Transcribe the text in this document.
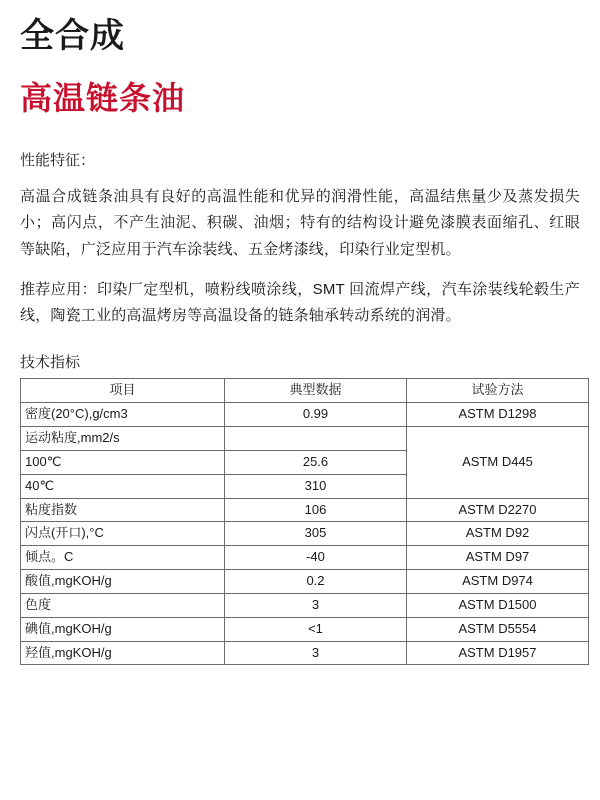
全合成
高温链条油
性能特征：
高温合成链条油具有良好的高温性能和优异的润滑性能，高温结焦量少及蒸发损失小；高闪点，不产生油泥、积碳、油烟；特有的结构设计避免漆膜表面缩孔、红眼等缺陷，广泛应用于汽车涂装线、五金烤漆线，印染行业定型机。
推荐应用：印染厂定型机，喷粉线喷涂线，SMT 回流焊产线，汽车涂装线轮毂生产线，陶瓷工业的高温烤房等高温设备的链条轴承转动系统的润滑。
技术指标
项目	典型数据	试验方法
密度(20°C),g/cm3	0.99	ASTM D1298
运动粘度,mm2/s		ASTM D445
100℃	25.6	
40℃	310	
粘度指数	106	ASTM D2270
闪点(开口),°C	305	ASTM D92
倾点。C	-40	ASTM D97
酸值,mgKOH/g	0.2	ASTM D974
色度	3	ASTM D1500
碘值,mgKOH/g	<1	ASTM D5554
羟值,mgKOH/g	3	ASTM D1957
